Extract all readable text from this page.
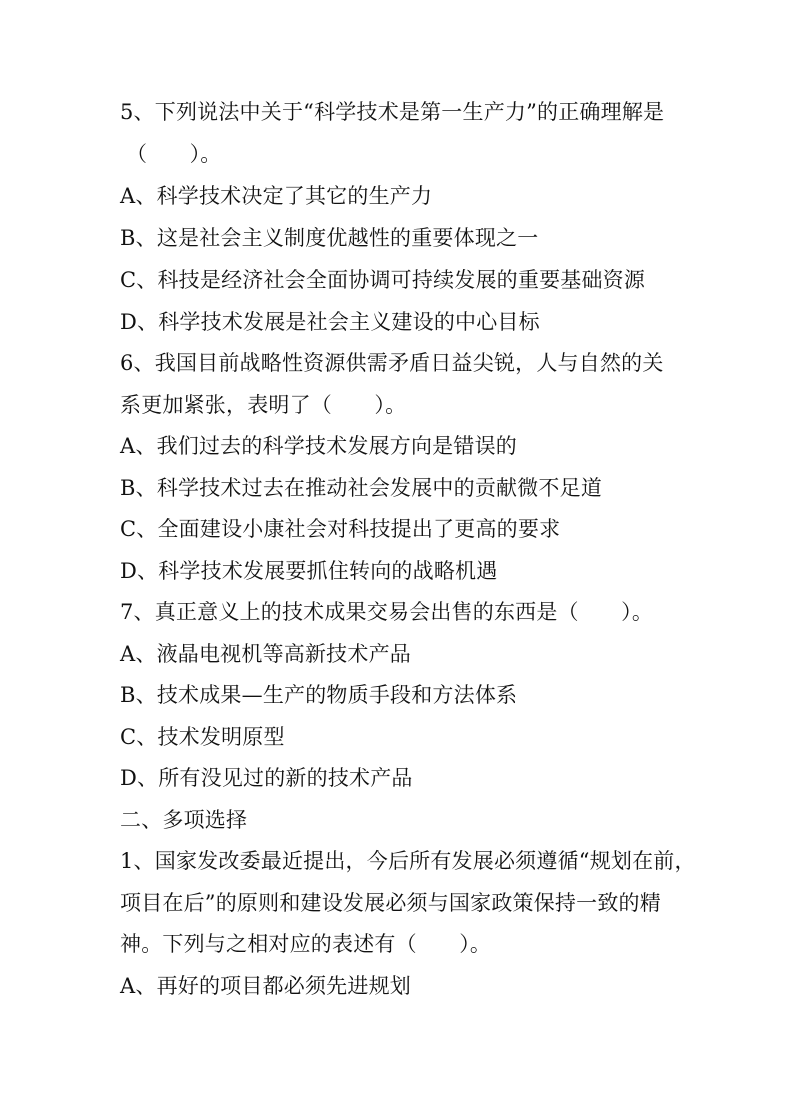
5、下列说法中关于“科学技术是第一生产力”的正确理解是
（　　）。
A、科学技术决定了其它的生产力
B、这是社会主义制度优越性的重要体现之一
C、科技是经济社会全面协调可持续发展的重要基础资源
D、科学技术发展是社会主义建设的中心目标
6、我国目前战略性资源供需矛盾日益尖锐，人与自然的关
系更加紧张，表明了（　　）。
A、我们过去的科学技术发展方向是错误的
B、科学技术过去在推动社会发展中的贡献微不足道
C、全面建设小康社会对科技提出了更高的要求
D、科学技术发展要抓住转向的战略机遇
7、真正意义上的技术成果交易会出售的东西是（　　）。
A、液晶电视机等高新技术产品
B、技术成果—生产的物质手段和方法体系
C、技术发明原型
D、所有没见过的新的技术产品
二、多项选择
1、国家发改委最近提出，今后所有发展必须遵循“规划在前，
项目在后”的原则和建设发展必须与国家政策保持一致的精
神。下列与之相对应的表述有（　　）。
A、再好的项目都必须先进规划
